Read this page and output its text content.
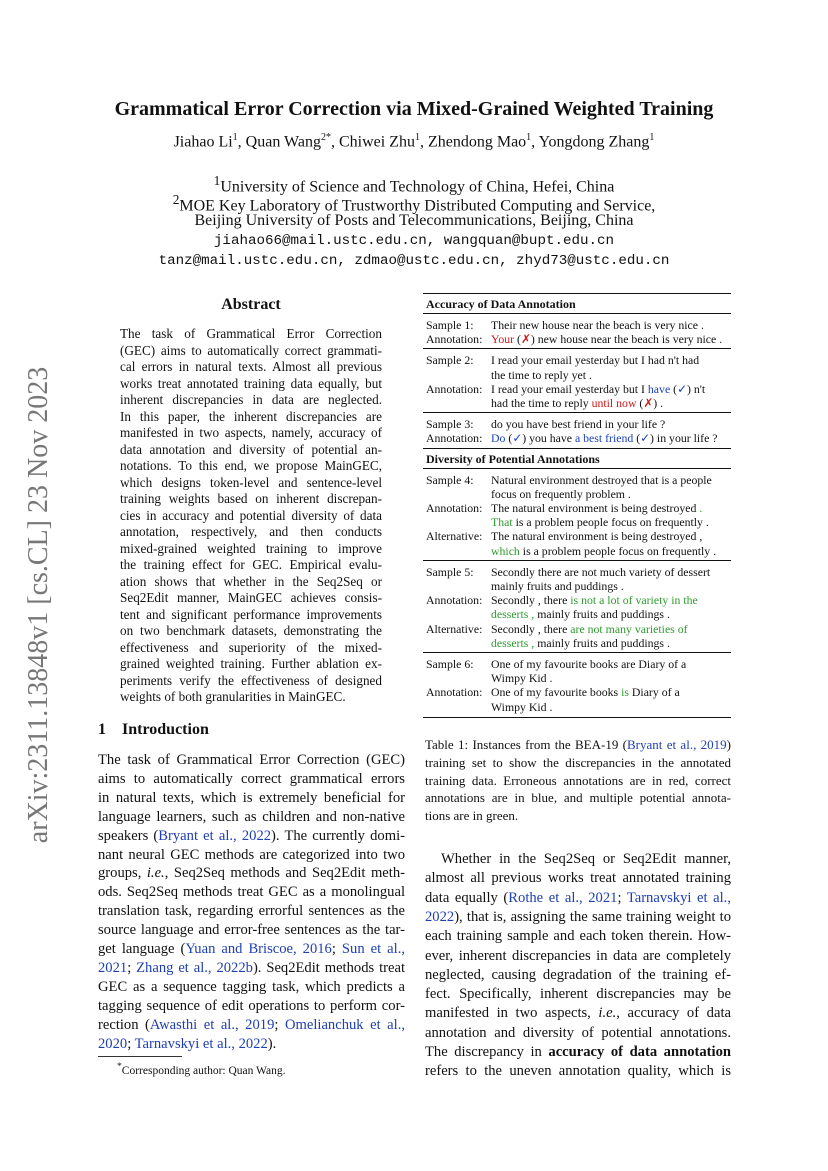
arXiv:2311.13848v1 [cs.CL] 23 Nov 2023
Grammatical Error Correction via Mixed-Grained Weighted Training
Jiahao Li$^1$, Quan Wang$^{2*}$, Chiwei Zhu$^1$, Zhendong Mao$^1$, Yongdong Zhang$^1$
$^1$University of Science and Technology of China, Hefei, China
$^2$MOE Key Laboratory of Trustworthy Distributed Computing and Service,
Beijing University of Posts and Telecommunications, Beijing, China
jiahao66@mail.ustc.edu.cn, wangquan@bupt.edu.cn
tanz@mail.ustc.edu.cn, zdmao@ustc.edu.cn, zhyd73@ustc.edu.cn
Abstract
The task of Grammatical Error Correction
(GEC) aims to automatically correct grammati-
cal errors in natural texts. Almost all previous
works treat annotated training data equally, but
inherent discrepancies in data are neglected.
In this paper, the inherent discrepancies are
manifested in two aspects, namely, accuracy of
data annotation and diversity of potential an-
notations. To this end, we propose MainGEC,
which designs token-level and sentence-level
training weights based on inherent discrepan-
cies in accuracy and potential diversity of data
annotation, respectively, and then conducts
mixed-grained weighted training to improve
the training effect for GEC. Empirical evalu-
ation shows that whether in the Seq2Seq or
Seq2Edit manner, MainGEC achieves consis-
tent and significant performance improvements
on two benchmark datasets, demonstrating the
effectiveness and superiority of the mixed-
grained weighted training. Further ablation ex-
periments verify the effectiveness of designed
weights of both granularities in MainGEC.
1 Introduction
The task of Grammatical Error Correction (GEC)
aims to automatically correct grammatical errors
in natural texts, which is extremely beneficial for
language learners, such as children and non-native
speakers (Bryant et al., 2022). The currently domi-
nant neural GEC methods are categorized into two
groups, i.e., Seq2Seq methods and Seq2Edit meth-
ods. Seq2Seq methods treat GEC as a monolingual
translation task, regarding errorful sentences as the
source language and error-free sentences as the tar-
get language (Yuan and Briscoe, 2016; Sun et al.,
2021; Zhang et al., 2022b). Seq2Edit methods treat
GEC as a sequence tagging task, which predicts a
tagging sequence of edit operations to perform cor-
rection (Awasthi et al., 2019; Omelianchuk et al.,
2020; Tarnavskyi et al., 2022).
*Corresponding author: Quan Wang.
Accuracy of Data Annotation
Sample 1: Their new house near the beach is very nice .
Annotation: Your (✗) new house near the beach is very nice .
Sample 2: I read your email yesterday but I had n't had
the time to reply yet .
Annotation: I read your email yesterday but I have (✓) n't
had the time to reply until now (✗) .
Sample 3: do you have best friend in your life ?
Annotation: Do (✓) you have a best friend (✓) in your life ?
Diversity of Potential Annotations
Sample 4: Natural environment destroyed that is a people
focus on frequently problem .
Annotation: The natural environment is being destroyed .
That is a problem people focus on frequently .
Alternative: The natural environment is being destroyed ,
which is a problem people focus on frequently .
Sample 5: Secondly there are not much variety of dessert
mainly fruits and puddings .
Annotation: Secondly , there is not a lot of variety in the
desserts , mainly fruits and puddings .
Alternative: Secondly , there are not many varieties of
desserts , mainly fruits and puddings .
Sample 6: One of my favourite books are Diary of a
Wimpy Kid .
Annotation: One of my favourite books is Diary of a
Wimpy Kid .
Table 1: Instances from the BEA-19 (Bryant et al., 2019)
training set to show the discrepancies in the annotated
training data. Erroneous annotations are in red, correct
annotations are in blue, and multiple potential annota-
tions are in green.
Whether in the Seq2Seq or Seq2Edit manner,
almost all previous works treat annotated training
data equally (Rothe et al., 2021; Tarnavskyi et al.,
2022), that is, assigning the same training weight to
each training sample and each token therein. How-
ever, inherent discrepancies in data are completely
neglected, causing degradation of the training ef-
fect. Specifically, inherent discrepancies may be
manifested in two aspects, i.e., accuracy of data
annotation and diversity of potential annotations.
The discrepancy in accuracy of data annotation
refers to the uneven annotation quality, which is
